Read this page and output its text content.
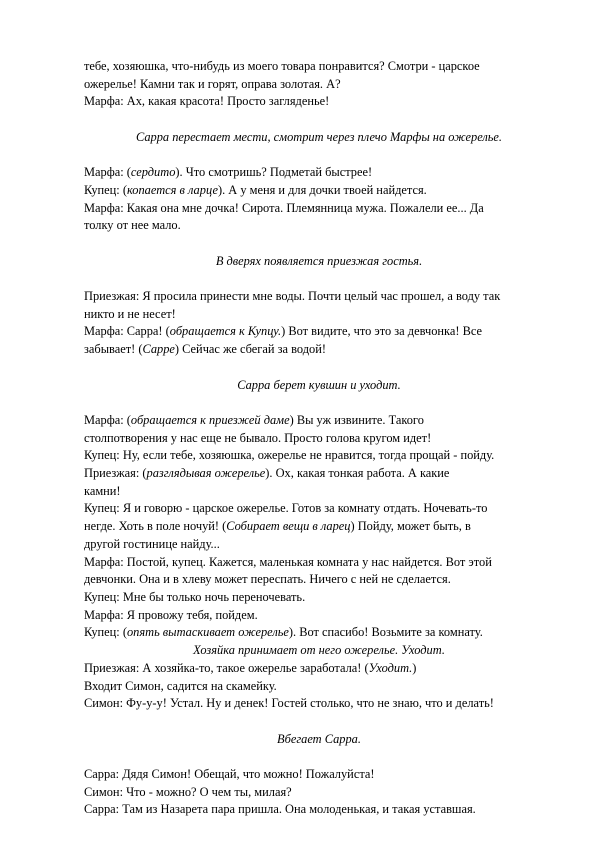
тебе, хозяюшка, что-нибудь из моего товара понравится? Смотри - царское
ожерелье! Камни так и горят, оправа золотая. А?
Марфа: Ах, какая красота! Просто загляденье!
Сарра перестает мести, смотрит через плечо Марфы на ожерелье.
Марфа: (сердито). Что смотришь? Подметай быстрее!
Купец: (копается в ларце). А у меня и для дочки твоей найдется.
Марфа: Какая она мне дочка! Сирота. Племянница мужа. Пожалели ее... Да
толку от нее мало.
В дверях появляется приезжая гостья.
Приезжая: Я просила принести мне воды. Почти целый час прошел, а воду так
никто и не несет!
Марфа: Сарра! (обращается к Купцу.) Вот видите, что это за девчонка! Все
забывает! (Сарре) Сейчас же сбегай за водой!
Сарра берет кувшин и уходит.
Марфа: (обращается к приезжей даме) Вы уж извините. Такого
столпотворения у нас еще не бывало. Просто голова кругом идет!
Купец: Ну, если тебе, хозяюшка, ожерелье не нравится, тогда прощай - пойду.
Приезжая: (разглядывая ожерелье). Ох, какая тонкая работа. А какие
камни!
Купец: Я и говорю - царское ожерелье. Готов за комнату отдать. Ночевать-то
негде. Хоть в поле ночуй! (Собирает вещи в ларец) Пойду, может быть, в
другой гостинице найду...
Марфа: Постой, купец. Кажется, маленькая комната у нас найдется. Вот этой
девчонки. Она и в хлеву может переспать. Ничего с ней не сделается.
Купец: Мне бы только ночь переночевать.
Марфа: Я провожу тебя, пойдем.
Купец: (опять вытаскивает ожерелье). Вот спасибо! Возьмите за комнату.
Хозяйка принимает от него ожерелье. Уходит.
Приезжая: А хозяйка-то, такое ожерелье заработала! (Уходит.)
Входит Симон, садится на скамейку.
Симон: Фу-у-у! Устал. Ну и денек! Гостей столько, что не знаю, что и делать!
Вбегает Сарра.
Сарра: Дядя Симон! Обещай, что можно! Пожалуйста!
Симон: Что - можно? О чем ты, милая?
Сарра: Там из Назарета пара пришла. Она молоденькая, и такая уставшая.
